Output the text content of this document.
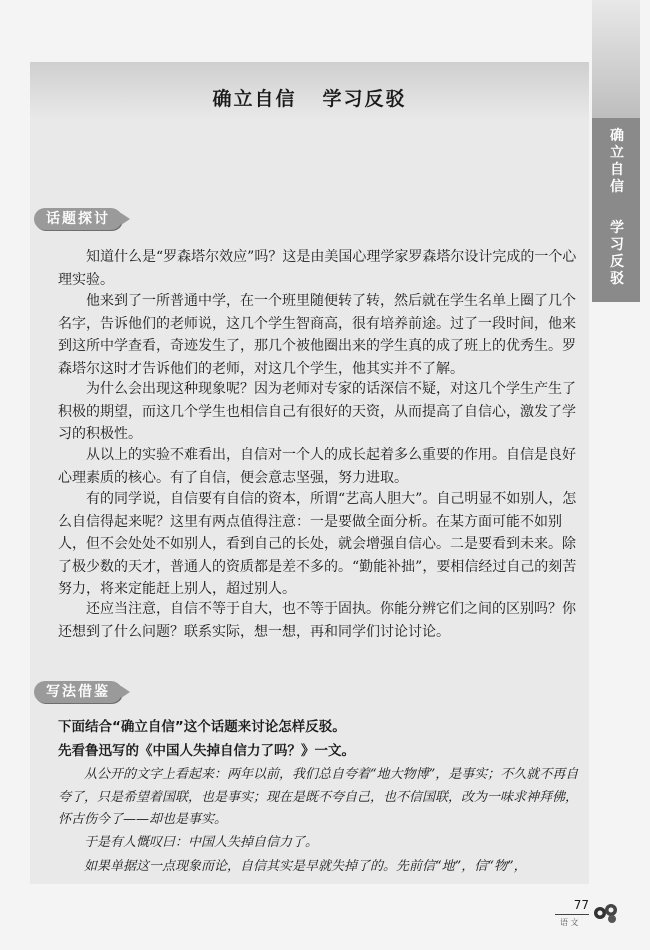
确立自信 学习反驳
话题探讨

知道什么是“罗森塔尔效应”吗？这是由美国心理学家罗森塔尔设计完成的一个心理实验。

他来到了一所普通中学，在一个班里随便转了转，然后就在学生名单上圈了几个名字，告诉他们的老师说，这几个学生智商高，很有培养前途。过了一段时间，他来到这所中学查看，奇迹发生了，那几个被他圈出来的学生真的成了班上的优秀生。罗森塔尔这时才告诉他们的老师，对这几个学生，他其实并不了解。

为什么会出现这种现象呢？因为老师对专家的话深信不疑，对这几个学生产生了积极的期望，而这几个学生也相信自己有很好的天资，从而提高了自信心，激发了学习的积极性。

从以上的实验不难看出，自信对一个人的成长起着多么重要的作用。自信是良好心理素质的核心。有了自信，便会意志坚强，努力进取。

有的同学说，自信要有自信的资本，所谓“艺高人胆大”。自己明显不如别人，怎么自信得起来呢？这里有两点值得注意：一是要做全面分析。在某方面可能不如别人，但不会处处不如别人，看到自己的长处，就会增强自信心。二是要看到未来。除了极少数的天才，普通人的资质都是差不多的。“勤能补拙”，要相信经过自己的刻苦努力，将来定能赶上别人，超过别人。

还应当注意，自信不等于自大，也不等于固执。你能分辨它们之间的区别吗？你还想到了什么问题？联系实际，想一想，再和同学们讨论讨论。

写法借鉴

下面结合“确立自信”这个话题来讨论怎样反驳。

先看鲁迅写的《中国人失掉自信力了吗？》一文。

从公开的文字上看起来：两年以前，我们总自夸着“地大物博”，是事实；不久就不再自夸了，只是希望着国联，也是事实；现在是既不夸自己，也不信国联，改为一味求神拜佛，怀古伤今了——却也是事实。

于是有人慨叹曰：中国人失掉自信力了。

如果单据这一点现象而论，自信其实是早就失掉了的。先前信“地”，信“物”，

确立自信

学习反驳

77

语 文
